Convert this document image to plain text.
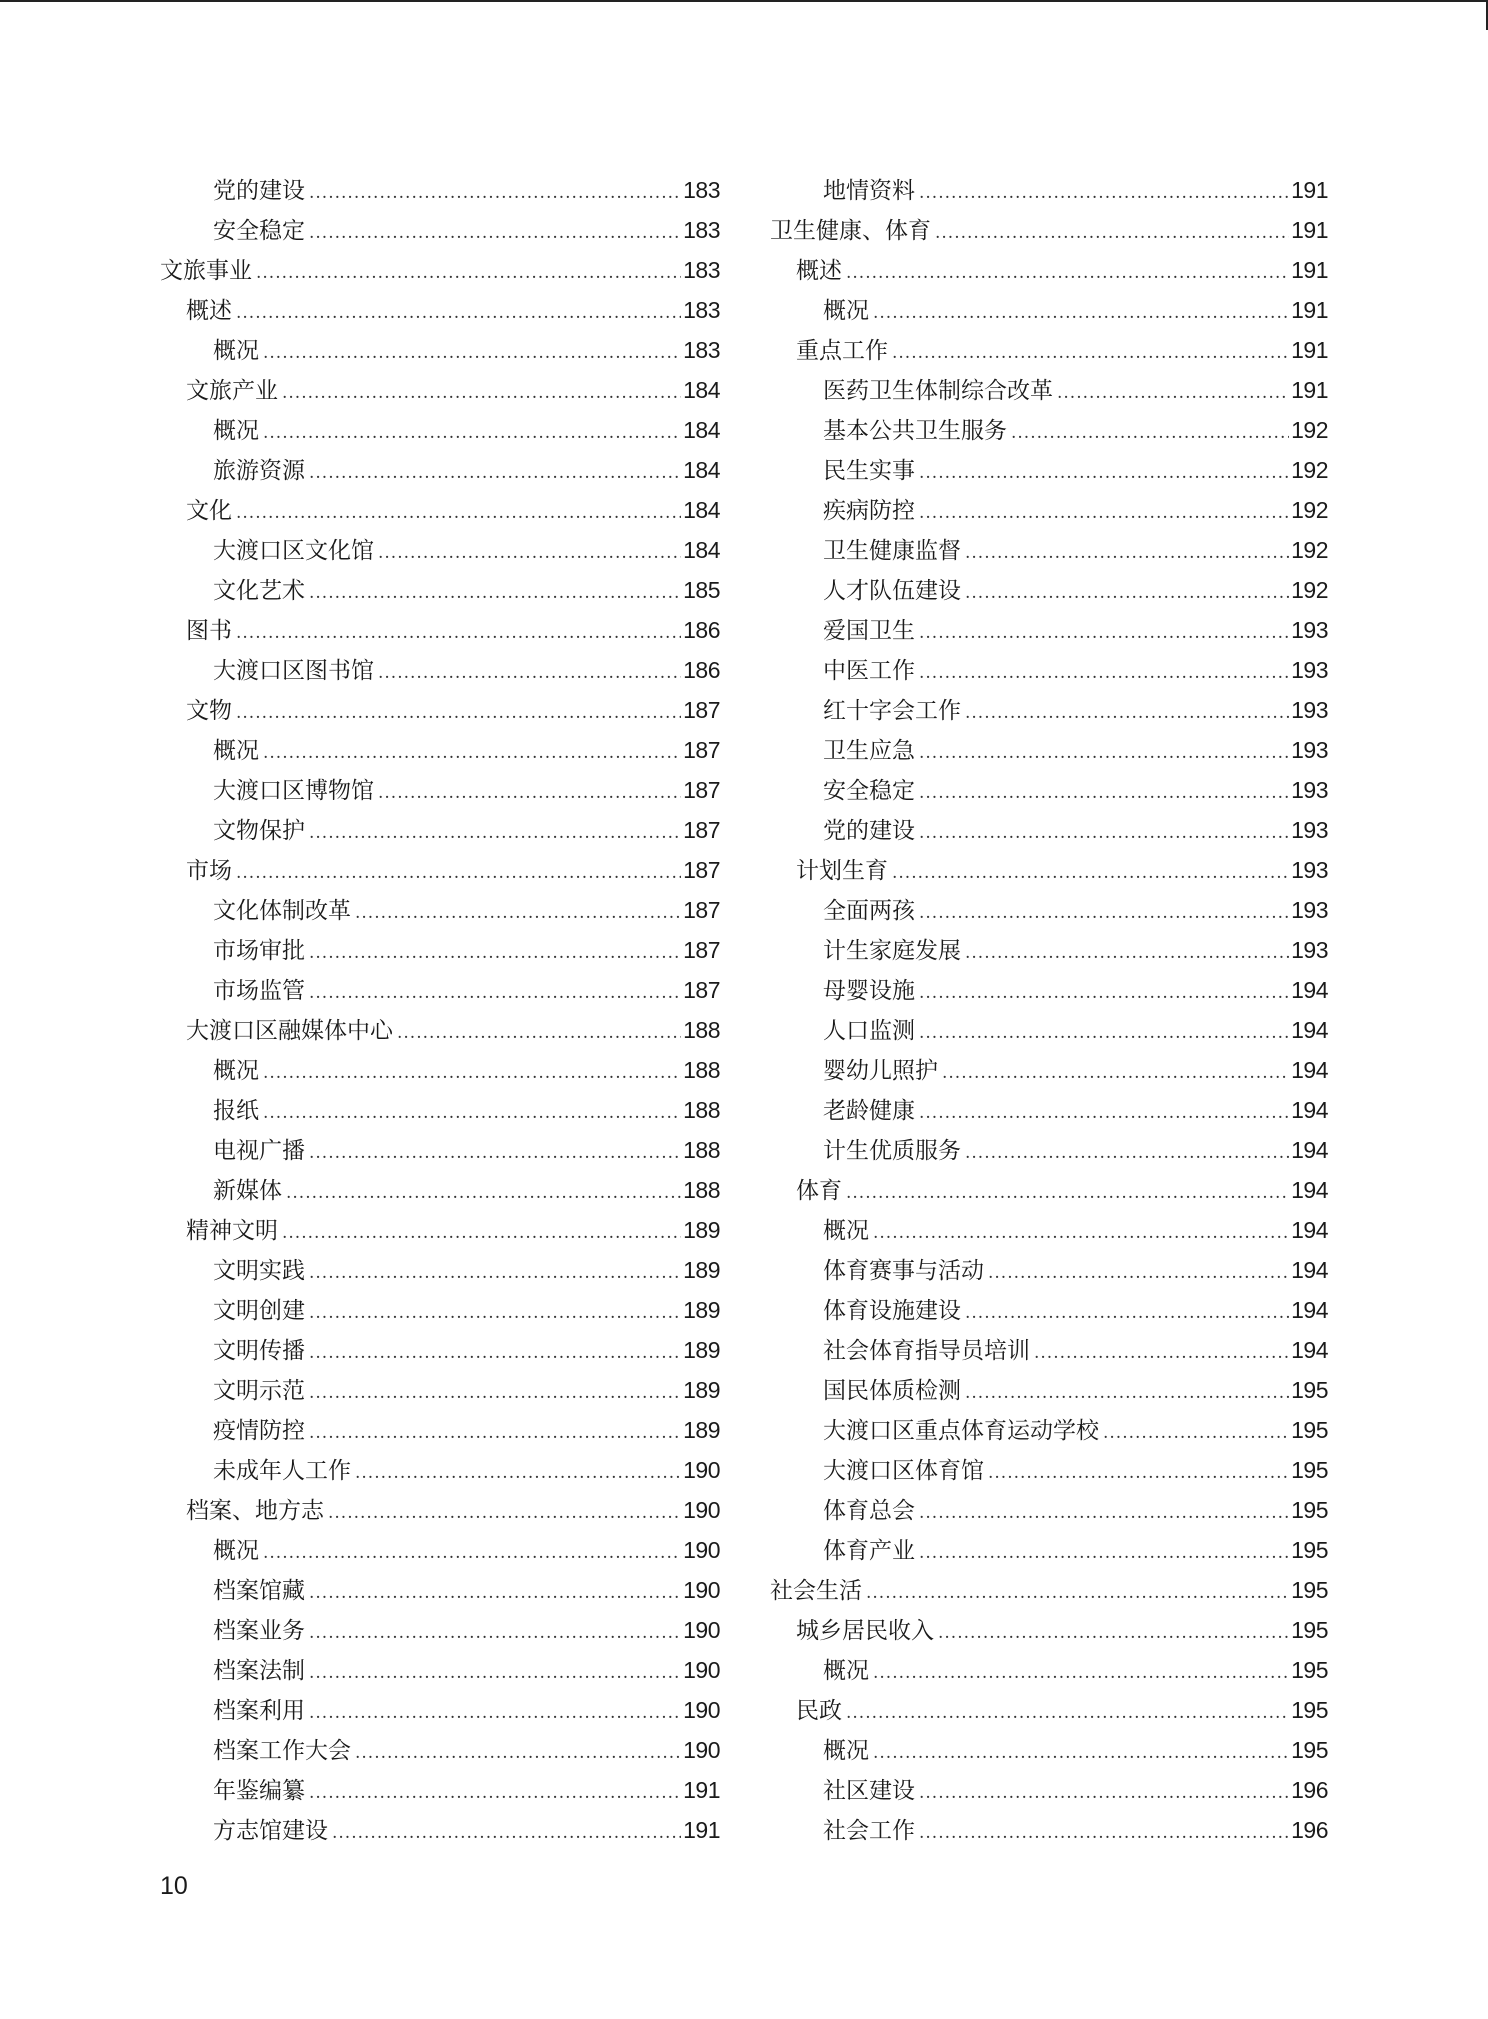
党的建设 .....	183
安全稳定 .....	183
文旅事业 .....	183
概述 .....	183
概况 .....	183
文旅产业 .....	184
概况 .....	184
旅游资源 .....	184
文化 .....	184
大渡口区文化馆 .....	184
文化艺术 .....	185
图书 .....	186
大渡口区图书馆 .....	186
文物 .....	187
概况 .....	187
大渡口区博物馆 .....	187
文物保护 .....	187
市场 .....	187
文化体制改革 .....	187
市场审批 .....	187
市场监管 .....	187
大渡口区融媒体中心 .....	188
概况 .....	188
报纸 .....	188
电视广播 .....	188
新媒体 .....	188
精神文明 .....	189
文明实践 .....	189
文明创建 .....	189
文明传播 .....	189
文明示范 .....	189
疫情防控 .....	189
未成年人工作 .....	190
档案、地方志 .....	190
概况 .....	190
档案馆藏 .....	190
档案业务 .....	190
档案法制 .....	190
档案利用 .....	190
档案工作大会 .....	190
年鉴编纂 .....	191
方志馆建设 .....	191
地情资料 .....	191
卫生健康、体育 .....	191
概述 .....	191
概况 .....	191
重点工作 .....	191
医药卫生体制综合改革 .....	191
基本公共卫生服务 .....	192
民生实事 .....	192
疾病防控 .....	192
卫生健康监督 .....	192
人才队伍建设 .....	192
爱国卫生 .....	193
中医工作 .....	193
红十字会工作 .....	193
卫生应急 .....	193
安全稳定 .....	193
党的建设 .....	193
计划生育 .....	193
全面两孩 .....	193
计生家庭发展 .....	193
母婴设施 .....	194
人口监测 .....	194
婴幼儿照护 .....	194
老龄健康 .....	194
计生优质服务 .....	194
体育 .....	194
概况 .....	194
体育赛事与活动 .....	194
体育设施建设 .....	194
社会体育指导员培训 .....	194
国民体质检测 .....	195
大渡口区重点体育运动学校 .....	195
大渡口区体育馆 .....	195
体育总会 .....	195
体育产业 .....	195
社会生活 .....	195
城乡居民收入 .....	195
概况 .....	195
民政 .....	195
概况 .....	195
社区建设 .....	196
社会工作 .....	196
10
